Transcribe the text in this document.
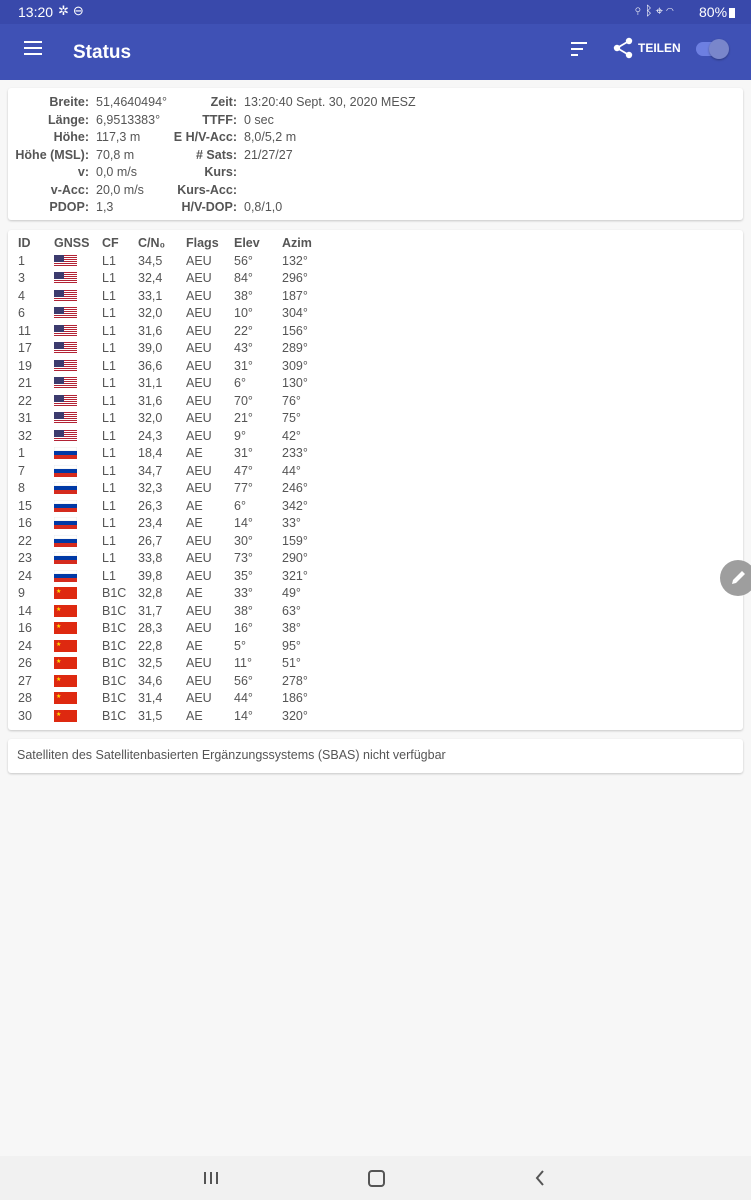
13:20 ✲⊖	⚲ᛒ⌖◠ 80%
Status	TEILEN
Breite: 51,4640494°
Länge: 6,9513383°
Höhe: 117,3 m
Höhe (MSL): 70,8 m
v: 0,0 m/s
v-Acc: 20,0 m/s
PDOP: 1,3
Zeit: 13:20:40 Sept. 30, 2020 MESZ
TTFF: 0 sec
E H/V-Acc: 8,0/5,2 m
# Sats: 21/27/27
Kurs:
Kurs-Acc:
H/V-DOP: 0,8/1,0
ID	GNSS	CF	C/N₀	Flags	Elev	Azim
1		L1	34,5	AEU	56°	132°
3		L1	32,4	AEU	84°	296°
4		L1	33,1	AEU	38°	187°
6		L1	32,0	AEU	10°	304°
11		L1	31,6	AEU	22°	156°
17		L1	39,0	AEU	43°	289°
19		L1	36,6	AEU	31°	309°
21		L1	31,1	AEU	6°	130°
22		L1	31,6	AEU	70°	76°
31		L1	32,0	AEU	21°	75°
32		L1	24,3	AEU	9°	42°
1		L1	18,4	AE	31°	233°
7		L1	34,7	AEU	47°	44°
8		L1	32,3	AEU	77°	246°
15		L1	26,3	AE	6°	342°
16		L1	23,4	AE	14°	33°
22		L1	26,7	AEU	30°	159°
23		L1	33,8	AEU	73°	290°
24		L1	39,8	AEU	35°	321°
9	★	B1C	32,8	AE	33°	49°
14	★	B1C	31,7	AEU	38°	63°
16	★	B1C	28,3	AEU	16°	38°
24	★	B1C	22,8	AE	5°	95°
26	★	B1C	32,5	AEU	11°	51°
27	★	B1C	34,6	AEU	56°	278°
28	★	B1C	31,4	AEU	44°	186°
30	★	B1C	31,5	AE	14°	320°
Satelliten des Satellitenbasierten Ergänzungssystems (SBAS) nicht verfügbar
